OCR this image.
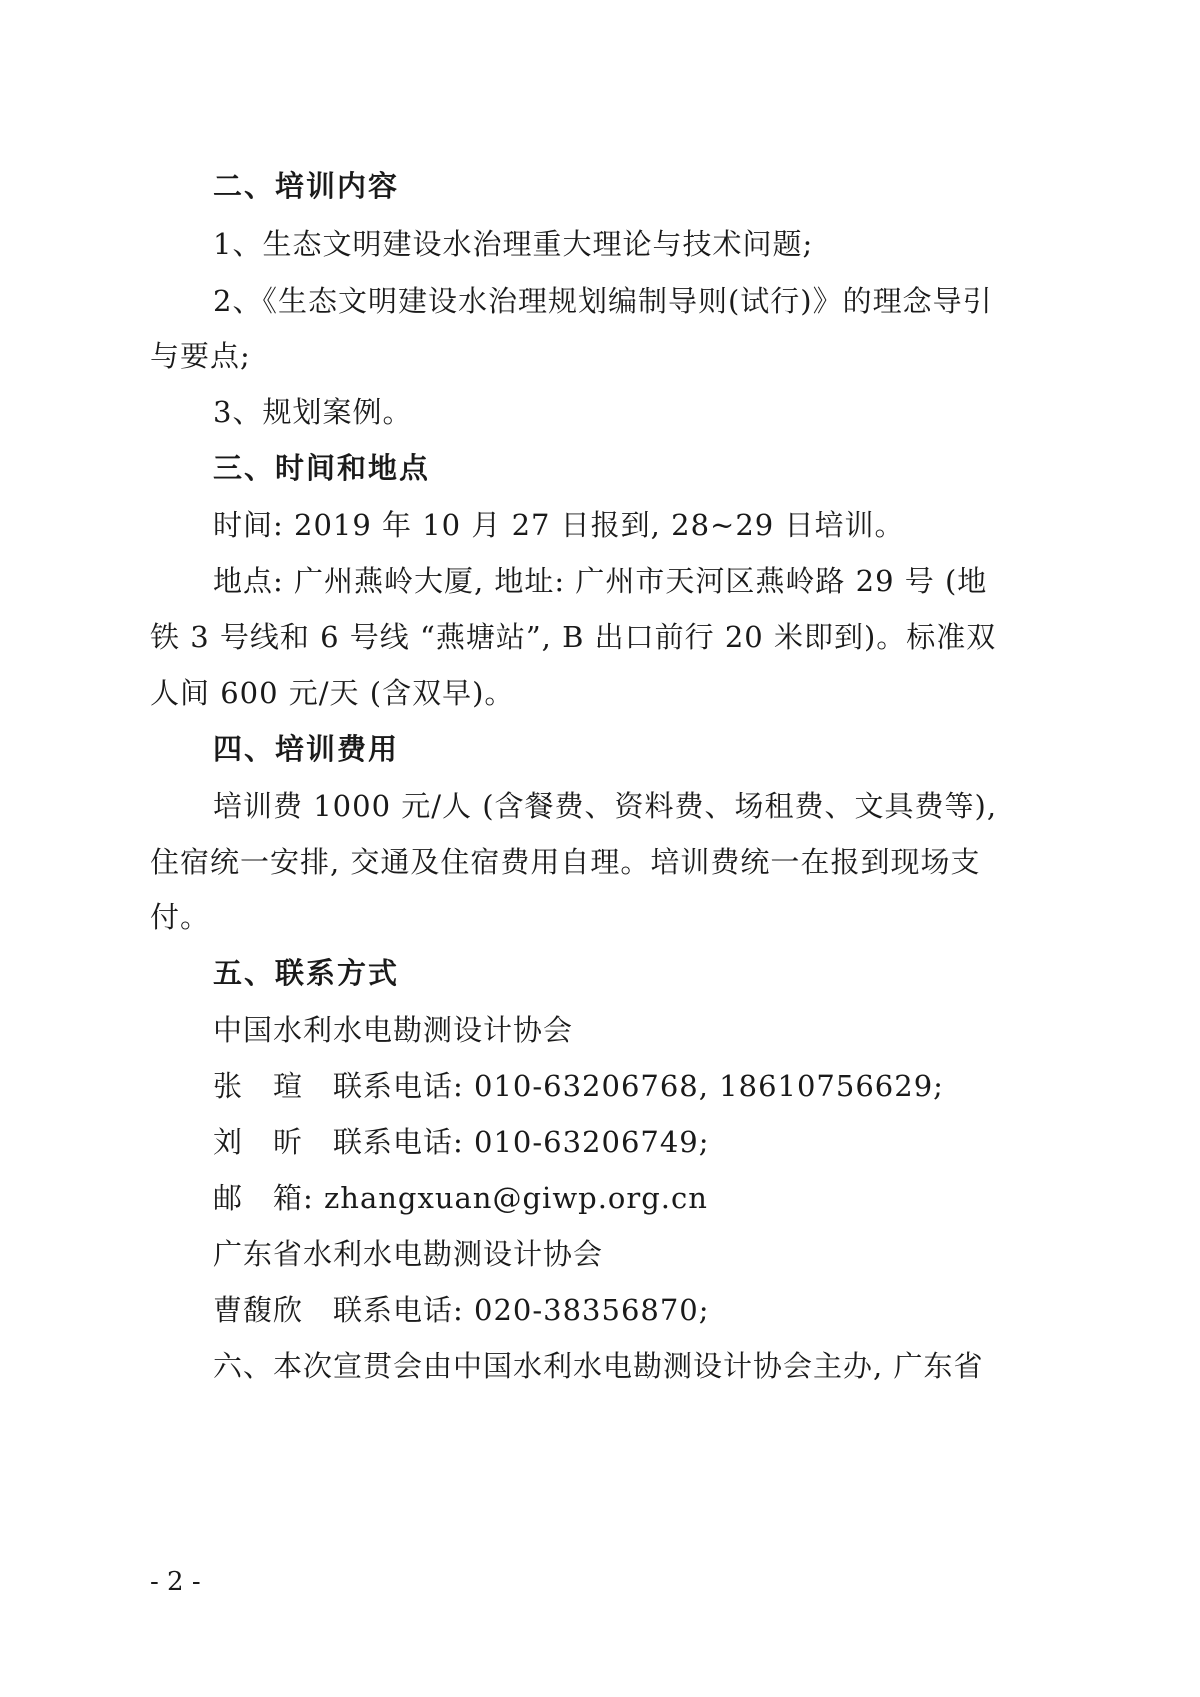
二、培训内容
1、生态文明建设水治理重大理论与技术问题;
2、《生态文明建设水治理规划编制导则(试行)》的理念导引
与要点;
3、规划案例。
三、时间和地点
时间: 2019 年 10 月 27 日报到, 28~29 日培训。
地点: 广州燕岭大厦, 地址: 广州市天河区燕岭路 29 号 (地
铁 3 号线和 6 号线 “燕塘站”, B 出口前行 20 米即到)。标准双
人间 600 元/天 (含双早)。
四、培训费用
培训费 1000 元/人 (含餐费、资料费、场租费、文具费等),
住宿统一安排, 交通及住宿费用自理。培训费统一在报到现场支
付。
五、联系方式
中国水利水电勘测设计协会
张　瑄　联系电话: 010-63206768, 18610756629;
刘　昕　联系电话: 010-63206749;
邮　箱: zhangxuan@giwp.org.cn
广东省水利水电勘测设计协会
曹馥欣　联系电话: 020-38356870;
六、本次宣贯会由中国水利水电勘测设计协会主办, 广东省
- 2 -
